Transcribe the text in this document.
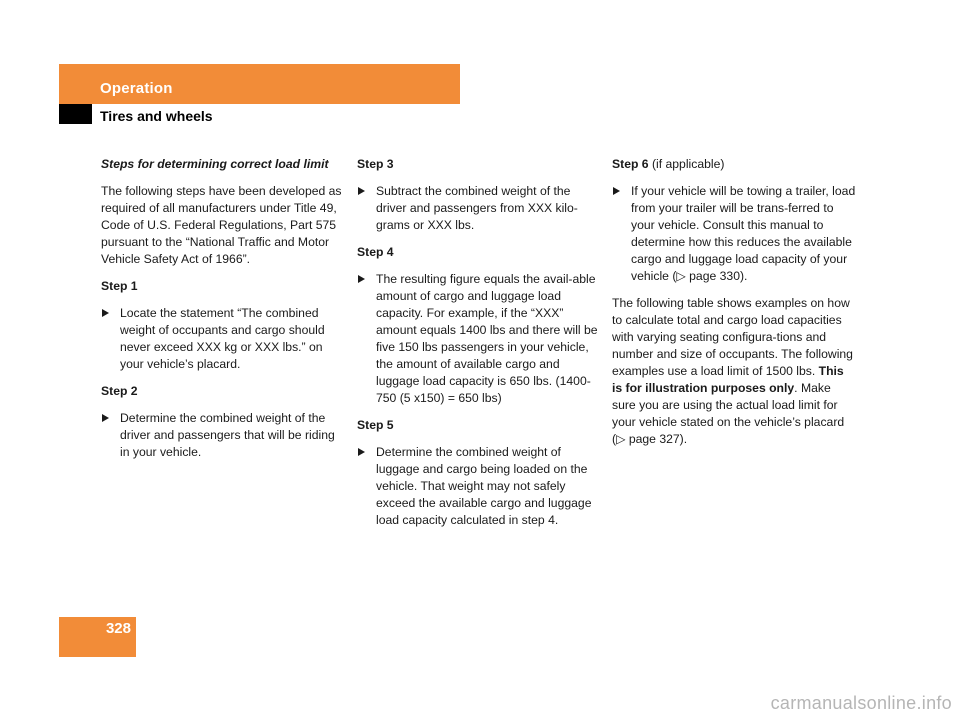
Operation
Tires and wheels

Steps for determining correct load limit

The following steps have been developed as required of all manufacturers under Title 49, Code of U.S. Federal Regulations, Part 575 pursuant to the “National Traffic and Motor Vehicle Safety Act of 1966”.

Step 1

Locate the statement “The combined weight of occupants and cargo should never exceed XXX kg or XXX lbs.” on your vehicle’s placard.

Step 2

Determine the combined weight of the driver and passengers that will be riding in your vehicle.

Step 3

Subtract the combined weight of the driver and passengers from XXX kilo-grams or XXX lbs.

Step 4

The resulting figure equals the avail-able amount of cargo and luggage load capacity. For example, if the “XXX” amount equals 1400 lbs and there will be five 150 lbs passengers in your vehicle, the amount of available cargo and luggage load capacity is 650 lbs. (1400-750 (5 x150) = 650 lbs)

Step 5

Determine the combined weight of luggage and cargo being loaded on the vehicle. That weight may not safely exceed the available cargo and luggage load capacity calculated in step 4.

Step 6 (if applicable)

If your vehicle will be towing a trailer, load from your trailer will be trans-ferred to your vehicle. Consult this manual to determine how this reduces the available cargo and luggage load capacity of your vehicle (▷ page 330).

The following table shows examples on how to calculate total and cargo load capacities with varying seating configura-tions and number and size of occupants. The following examples use a load limit of 1500 lbs. This is for illustration purposes only. Make sure you are using the actual load limit for your vehicle stated on the vehicle’s placard (▷ page 327).

328
carmanualsonline.info
